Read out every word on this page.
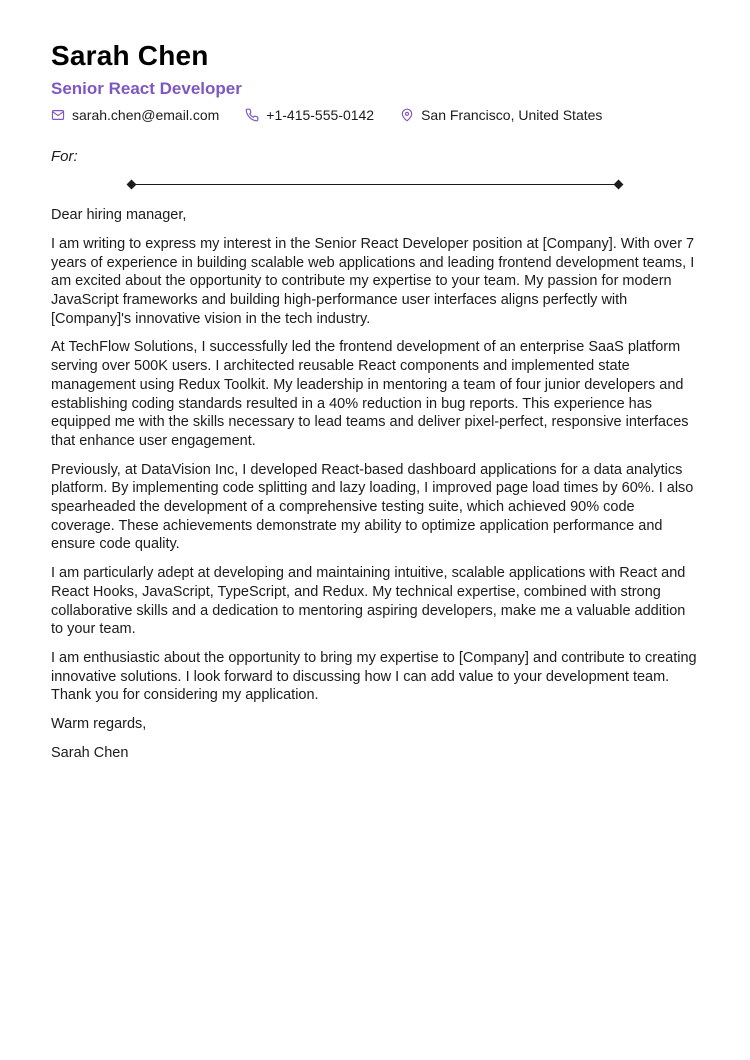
Sarah Chen
Senior React Developer
sarah.chen@email.com	+1-415-555-0142	San Francisco, United States
For:

Dear hiring manager,

I am writing to express my interest in the Senior React Developer position at [Company]. With over 7 years of experience in building scalable web applications and leading frontend development teams, I am excited about the opportunity to contribute my expertise to your team. My passion for modern JavaScript frameworks and building high-performance user interfaces aligns perfectly with [Company]'s innovative vision in the tech industry.

At TechFlow Solutions, I successfully led the frontend development of an enterprise SaaS platform serving over 500K users. I architected reusable React components and implemented state management using Redux Toolkit. My leadership in mentoring a team of four junior developers and establishing coding standards resulted in a 40% reduction in bug reports. This experience has equipped me with the skills necessary to lead teams and deliver pixel-perfect, responsive interfaces that enhance user engagement.

Previously, at DataVision Inc, I developed React-based dashboard applications for a data analytics platform. By implementing code splitting and lazy loading, I improved page load times by 60%. I also spearheaded the development of a comprehensive testing suite, which achieved 90% code coverage. These achievements demonstrate my ability to optimize application performance and ensure code quality.

I am particularly adept at developing and maintaining intuitive, scalable applications with React and React Hooks, JavaScript, TypeScript, and Redux. My technical expertise, combined with strong collaborative skills and a dedication to mentoring aspiring developers, make me a valuable addition to your team.

I am enthusiastic about the opportunity to bring my expertise to [Company] and contribute to creating innovative solutions. I look forward to discussing how I can add value to your development team. Thank you for considering my application.

Warm regards,

Sarah Chen
